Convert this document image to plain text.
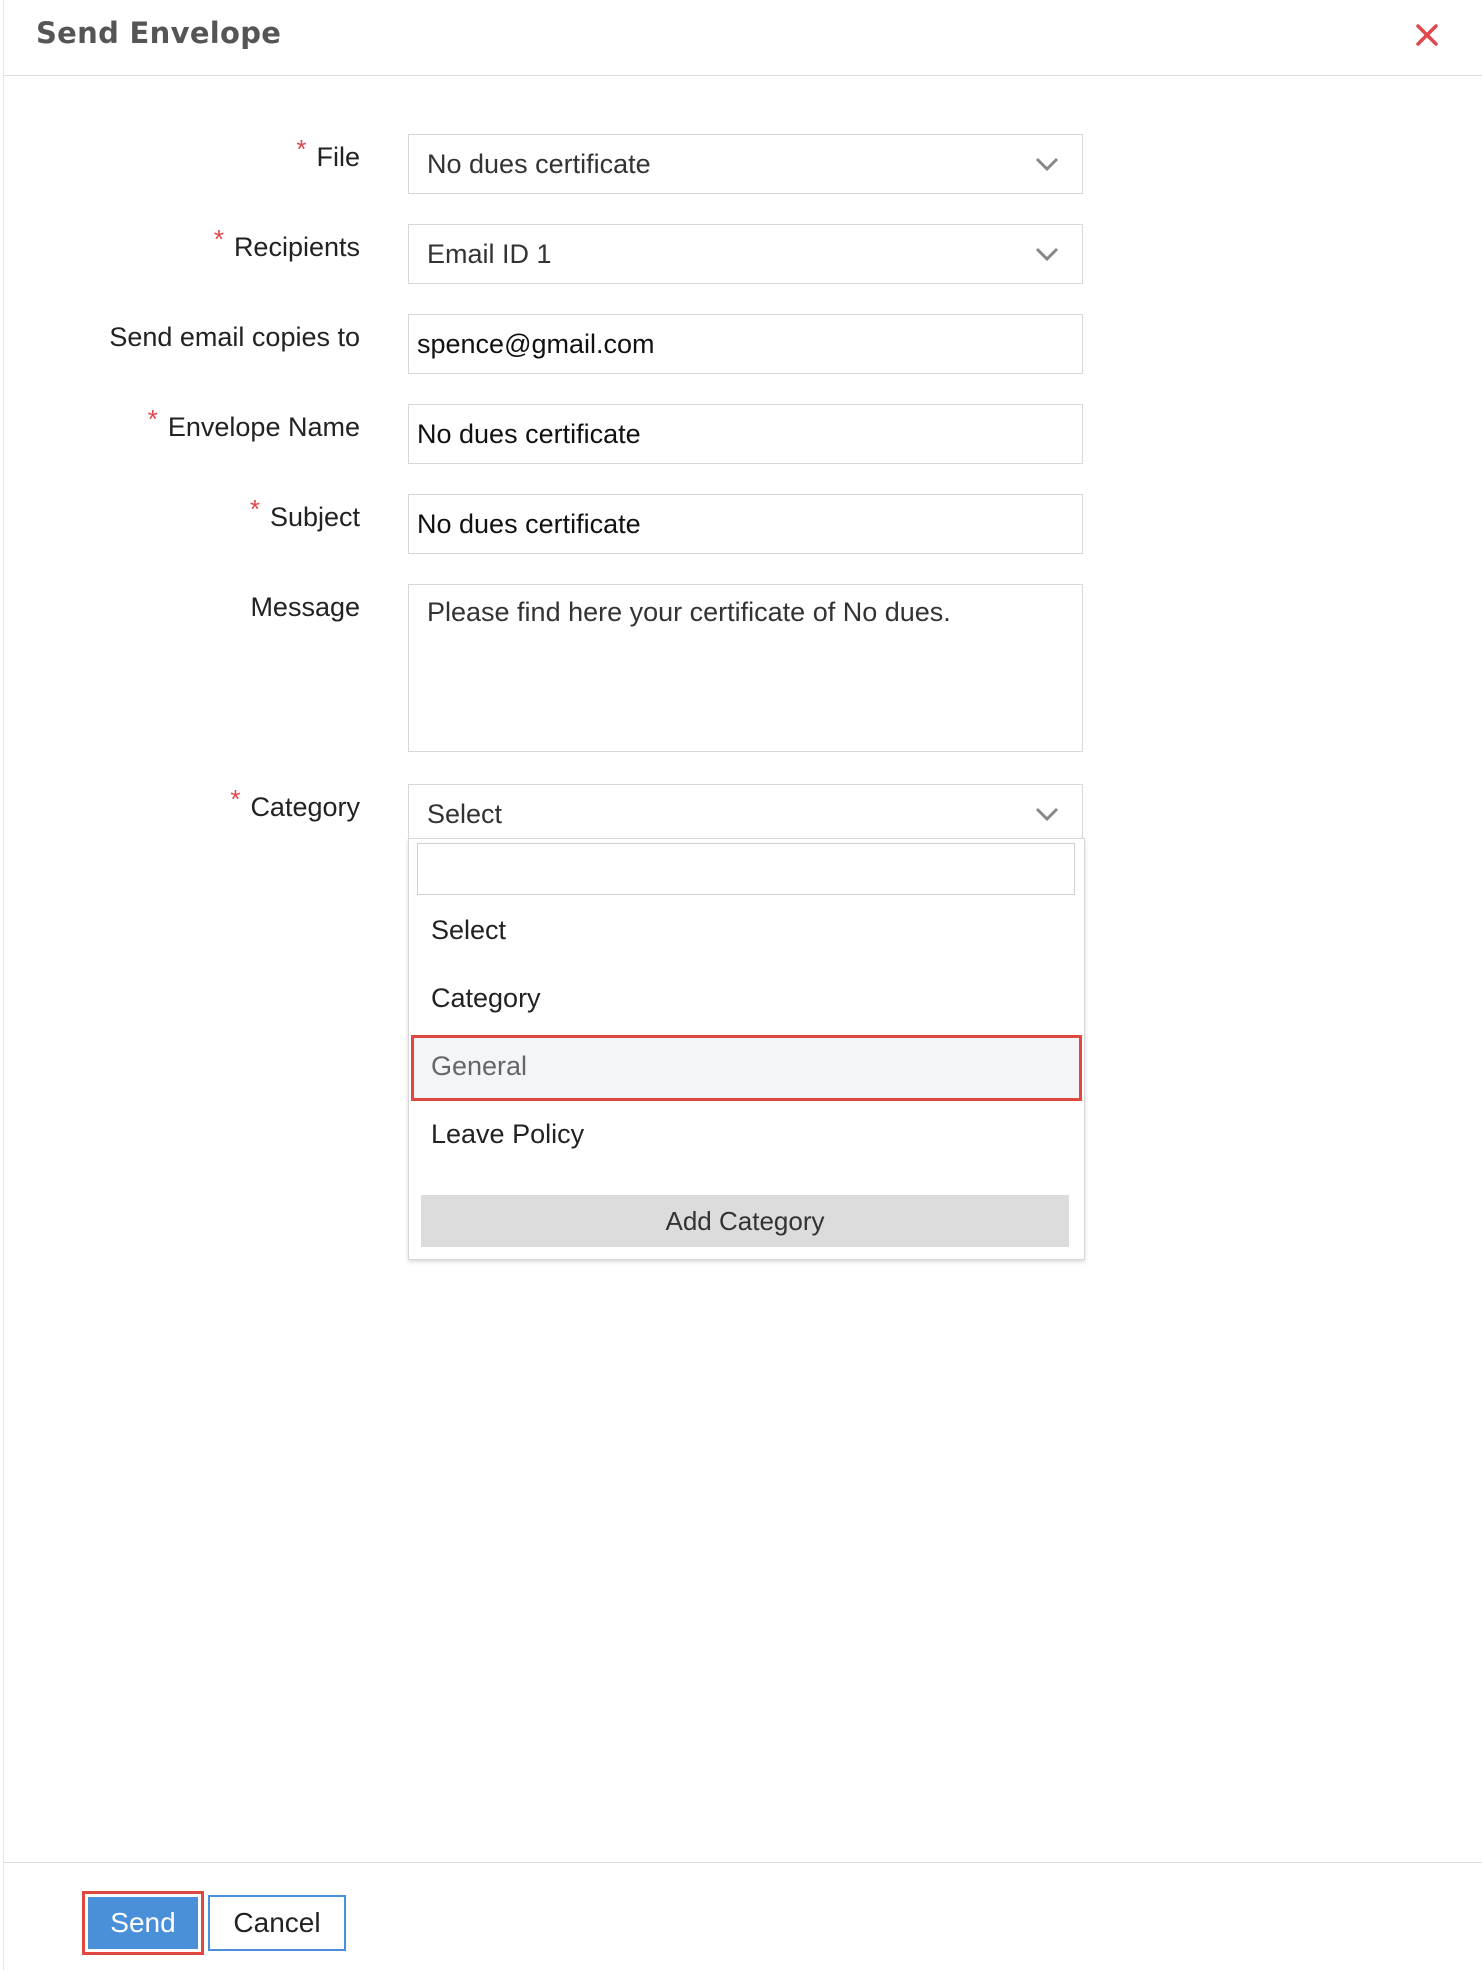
Send Envelope
* File No dues certificate
* Recipients Email ID 1
Send email copies to spence@gmail.com
* Envelope Name No dues certificate
* Subject No dues certificate
Message Please find here your certificate of No dues.
* Category Select
Select
Category
General
Leave Policy
Add Category
Send	Cancel
